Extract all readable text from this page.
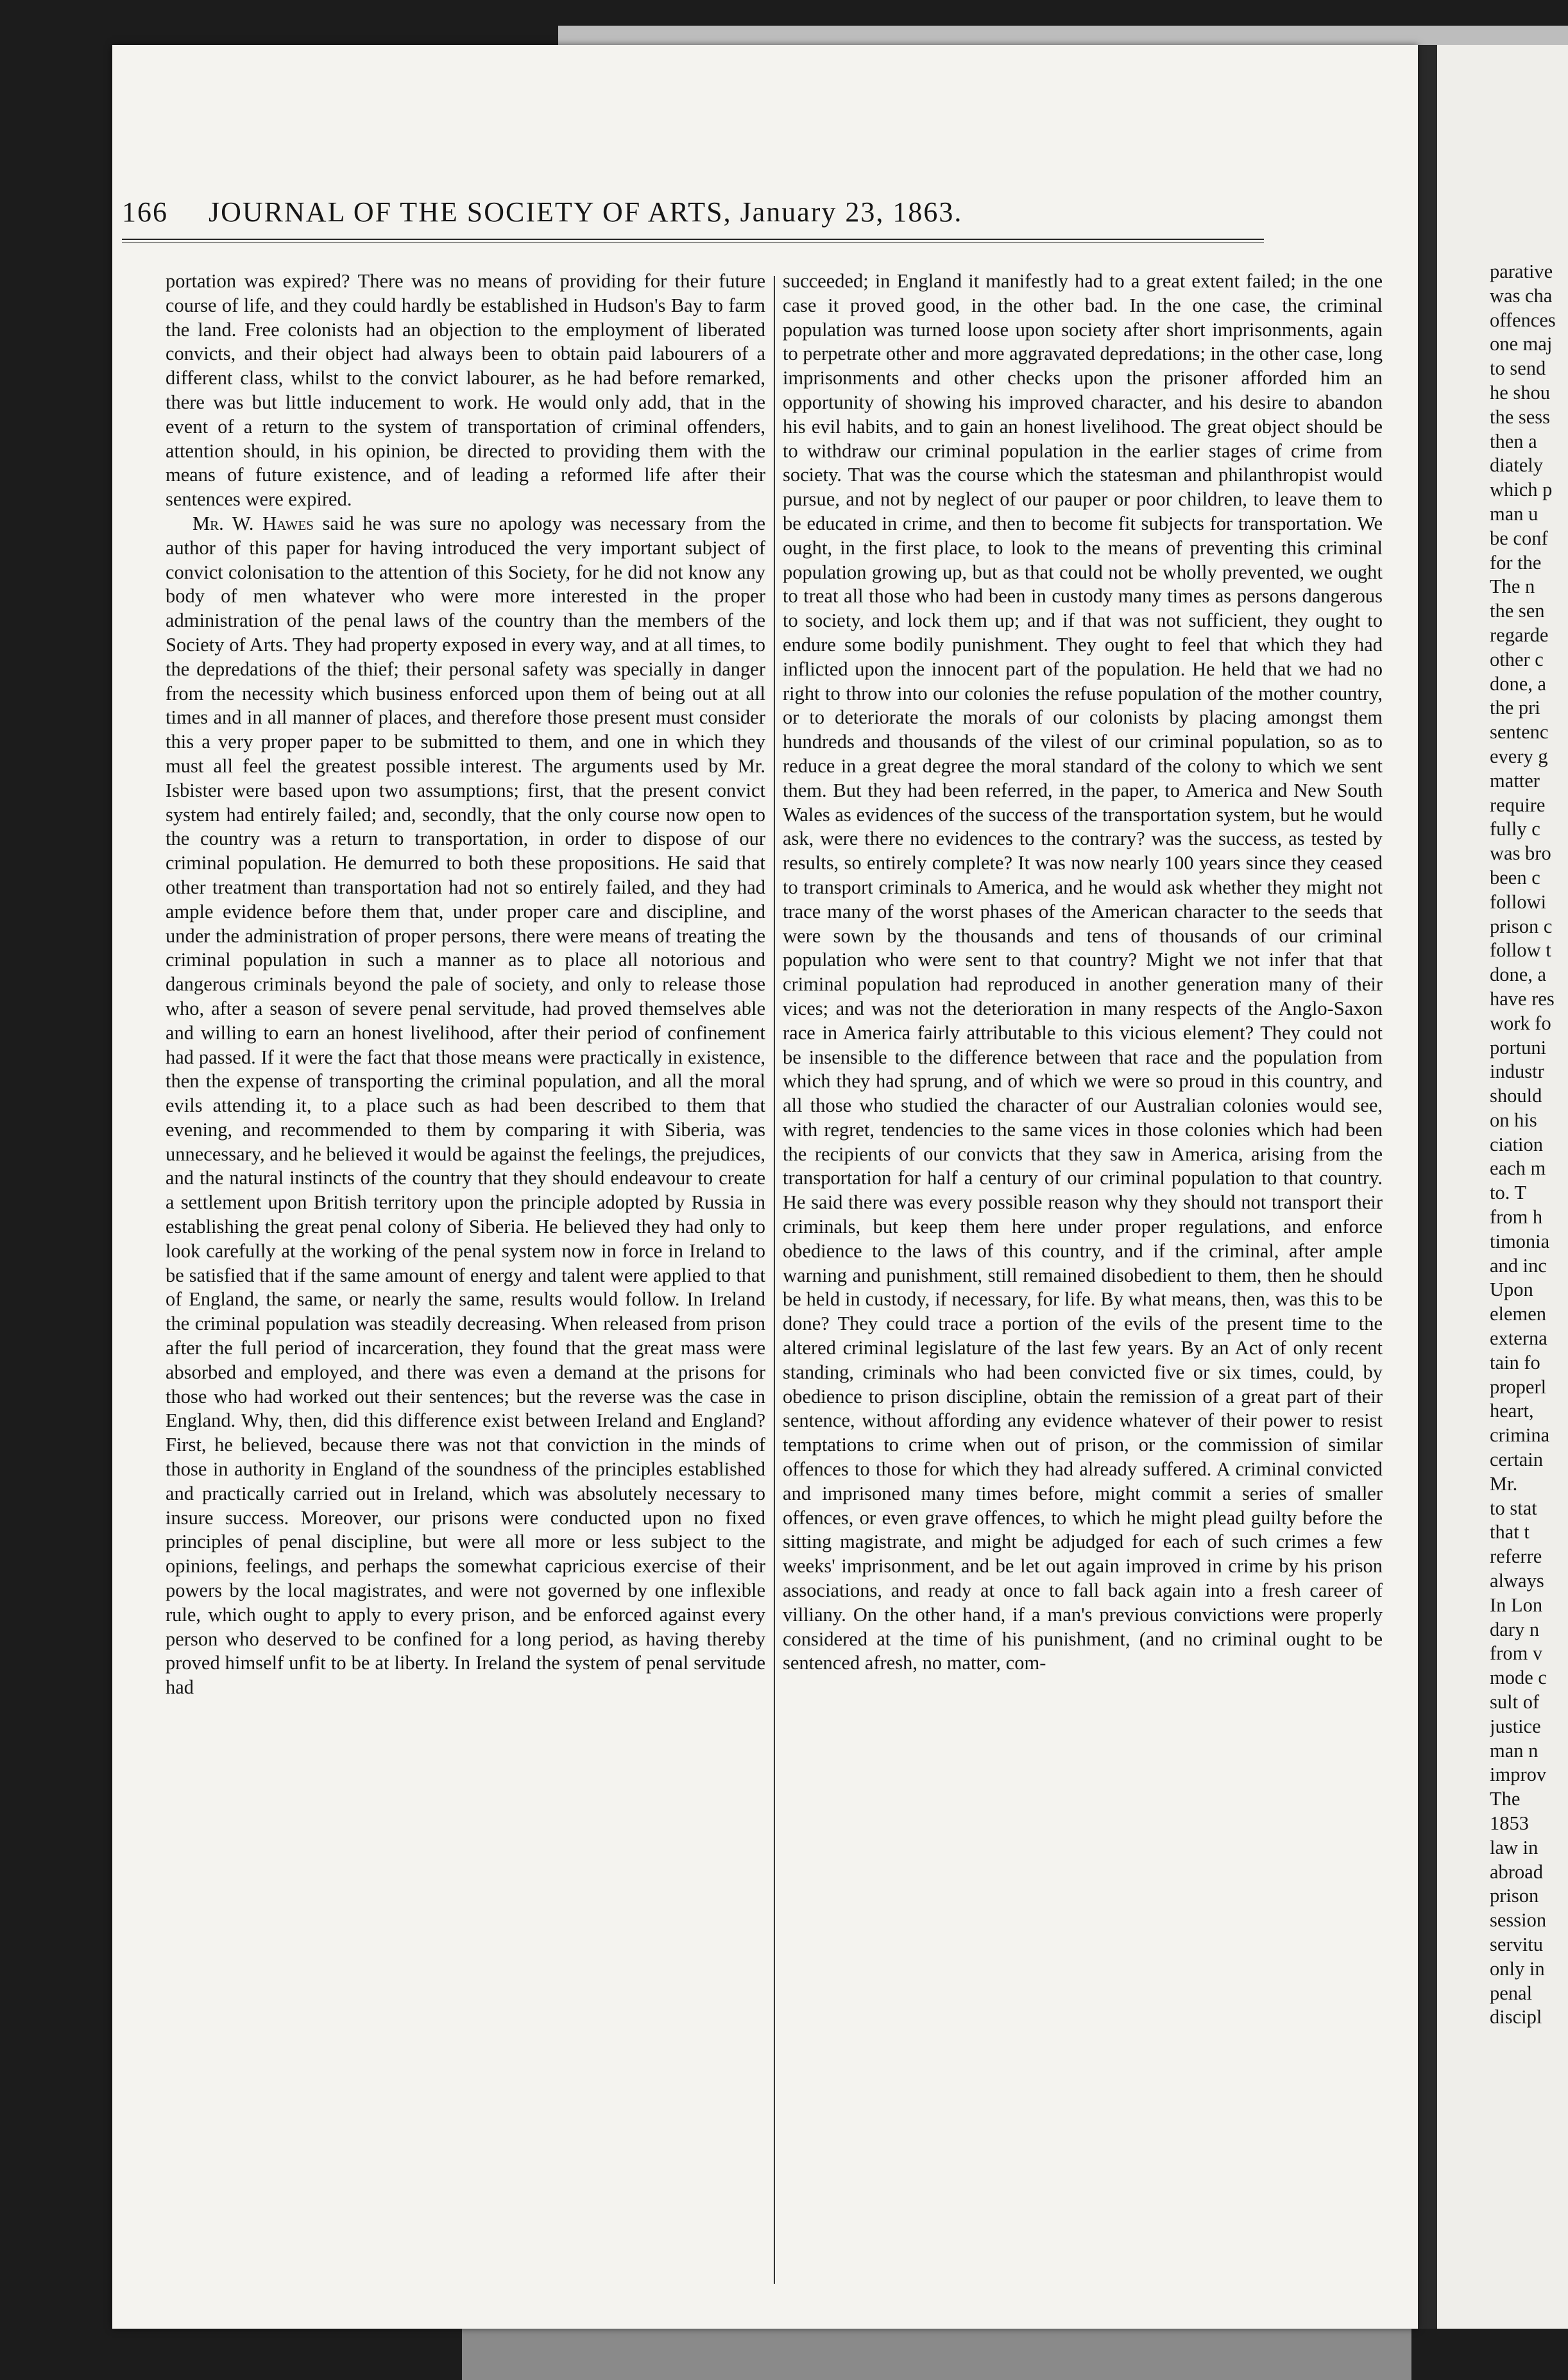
166 JOURNAL OF THE SOCIETY OF ARTS, January 23, 1863.

portation was expired? There was no means of providing for their future course of life, and they could hardly be established in Hudson's Bay to farm the land. Free colonists had an objection to the employment of liberated convicts, and their object had always been to obtain paid labourers of a different class, whilst to the convict labourer, as he had before remarked, there was but little inducement to work. He would only add, that in the event of a return to the system of transportation of criminal offenders, attention should, in his opinion, be directed to providing them with the means of future existence, and of leading a reformed life after their sentences were expired.

Mr. W. Hawes said he was sure no apology was necessary from the author of this paper for having introduced the very important subject of convict colonisation to the attention of this Society, for he did not know any body of men whatever who were more interested in the proper administration of the penal laws of the country than the members of the Society of Arts. They had property exposed in every way, and at all times, to the depredations of the thief; their personal safety was specially in danger from the necessity which business enforced upon them of being out at all times and in all manner of places, and therefore those present must consider this a very proper paper to be submitted to them, and one in which they must all feel the greatest possible interest. The arguments used by Mr. Isbister were based upon two assumptions; first, that the present convict system had entirely failed; and, secondly, that the only course now open to the country was a return to transportation, in order to dispose of our criminal population. He demurred to both these propositions. He said that other treatment than transportation had not so entirely failed, and they had ample evidence before them that, under proper care and discipline, and under the administration of proper persons, there were means of treating the criminal population in such a manner as to place all notorious and dangerous criminals beyond the pale of society, and only to release those who, after a season of severe penal servitude, had proved themselves able and willing to earn an honest livelihood, after their period of confinement had passed. If it were the fact that those means were practically in existence, then the expense of transporting the criminal population, and all the moral evils attending it, to a place such as had been described to them that evening, and recommended to them by comparing it with Siberia, was unnecessary, and he believed it would be against the feelings, the prejudices, and the natural instincts of the country that they should endeavour to create a settlement upon British territory upon the principle adopted by Russia in establishing the great penal colony of Siberia. He believed they had only to look carefully at the working of the penal system now in force in Ireland to be satisfied that if the same amount of energy and talent were applied to that of England, the same, or nearly the same, results would follow. In Ireland the criminal population was steadily decreasing. When released from prison after the full period of incarceration, they found that the great mass were absorbed and employed, and there was even a demand at the prisons for those who had worked out their sentences; but the reverse was the case in England. Why, then, did this difference exist between Ireland and England? First, he believed, because there was not that conviction in the minds of those in authority in England of the soundness of the principles established and practically carried out in Ireland, which was absolutely necessary to insure success. Moreover, our prisons were conducted upon no fixed principles of penal discipline, but were all more or less subject to the opinions, feelings, and perhaps the somewhat capricious exercise of their powers by the local magistrates, and were not governed by one inflexible rule, which ought to apply to every prison, and be enforced against every person who deserved to be confined for a long period, as having thereby proved himself unfit to be at liberty. In Ireland the system of penal servitude had

succeeded; in England it manifestly had to a great extent failed; in the one case it proved good, in the other bad. In the one case, the criminal population was turned loose upon society after short imprisonments, again to perpetrate other and more aggravated depredations; in the other case, long imprisonments and other checks upon the prisoner afforded him an opportunity of showing his improved character, and his desire to abandon his evil habits, and to gain an honest livelihood. The great object should be to withdraw our criminal population in the earlier stages of crime from society. That was the course which the statesman and philanthropist would pursue, and not by neglect of our pauper or poor children, to leave them to be educated in crime, and then to become fit subjects for transportation. We ought, in the first place, to look to the means of preventing this criminal population growing up, but as that could not be wholly prevented, we ought to treat all those who had been in custody many times as persons dangerous to society, and lock them up; and if that was not sufficient, they ought to endure some bodily punishment. They ought to feel that which they had inflicted upon the innocent part of the population. He held that we had no right to throw into our colonies the refuse population of the mother country, or to deteriorate the morals of our colonists by placing amongst them hundreds and thousands of the vilest of our criminal population, so as to reduce in a great degree the moral standard of the colony to which we sent them. But they had been referred, in the paper, to America and New South Wales as evidences of the success of the transportation system, but he would ask, were there no evidences to the contrary? was the success, as tested by results, so entirely complete? It was now nearly 100 years since they ceased to transport criminals to America, and he would ask whether they might not trace many of the worst phases of the American character to the seeds that were sown by the thousands and tens of thousands of our criminal population who were sent to that country? Might we not infer that that criminal population had reproduced in another generation many of their vices; and was not the deterioration in many respects of the Anglo-Saxon race in America fairly attributable to this vicious element? They could not be insensible to the difference between that race and the population from which they had sprung, and of which we were so proud in this country, and all those who studied the character of our Australian colonies would see, with regret, tendencies to the same vices in those colonies which had been the recipients of our convicts that they saw in America, arising from the transportation for half a century of our criminal population to that country. He said there was every possible reason why they should not transport their criminals, but keep them here under proper regulations, and enforce obedience to the laws of this country, and if the criminal, after ample warning and punishment, still remained disobedient to them, then he should be held in custody, if necessary, for life. By what means, then, was this to be done? They could trace a portion of the evils of the present time to the altered criminal legislature of the last few years. By an Act of only recent standing, criminals who had been convicted five or six times, could, by obedience to prison discipline, obtain the remission of a great part of their sentence, without affording any evidence whatever of their power to resist temptations to crime when out of prison, or the commission of similar offences to those for which they had already suffered. A criminal convicted and imprisoned many times before, might commit a series of smaller offences, or even grave offences, to which he might plead guilty before the sitting magistrate, and might be adjudged for each of such crimes a few weeks' imprisonment, and be let out again improved in crime by his prison associations, and ready at once to fall back again into a fresh career of villiany. On the other hand, if a man's previous convictions were properly considered at the time of his punishment, (and no criminal ought to be sentenced afresh, no matter, com-

parative
was cha
offences
one maj
to send
he shou
the sess
then a
diately
which p
man u
be conf
for the
The n
the sen
regarde
other c
done, a
the pri
sentenc
every g
matter
require
fully c
was bro
been c
followi
prison c
follow t
done, a
have res
work fo
portuni
industr
should
on his
ciation
each m
to. T
from h
timonia
and inc
Upon
elemen
externa
tain fo
properl
heart,
crimina
certain
Mr.
to stat
that t
referre
always
In Lon
dary n
from v
mode c
sult of
justice
man n
improv
The
1853
law in
abroad
prison
session
servitu
only in
penal
discipl
